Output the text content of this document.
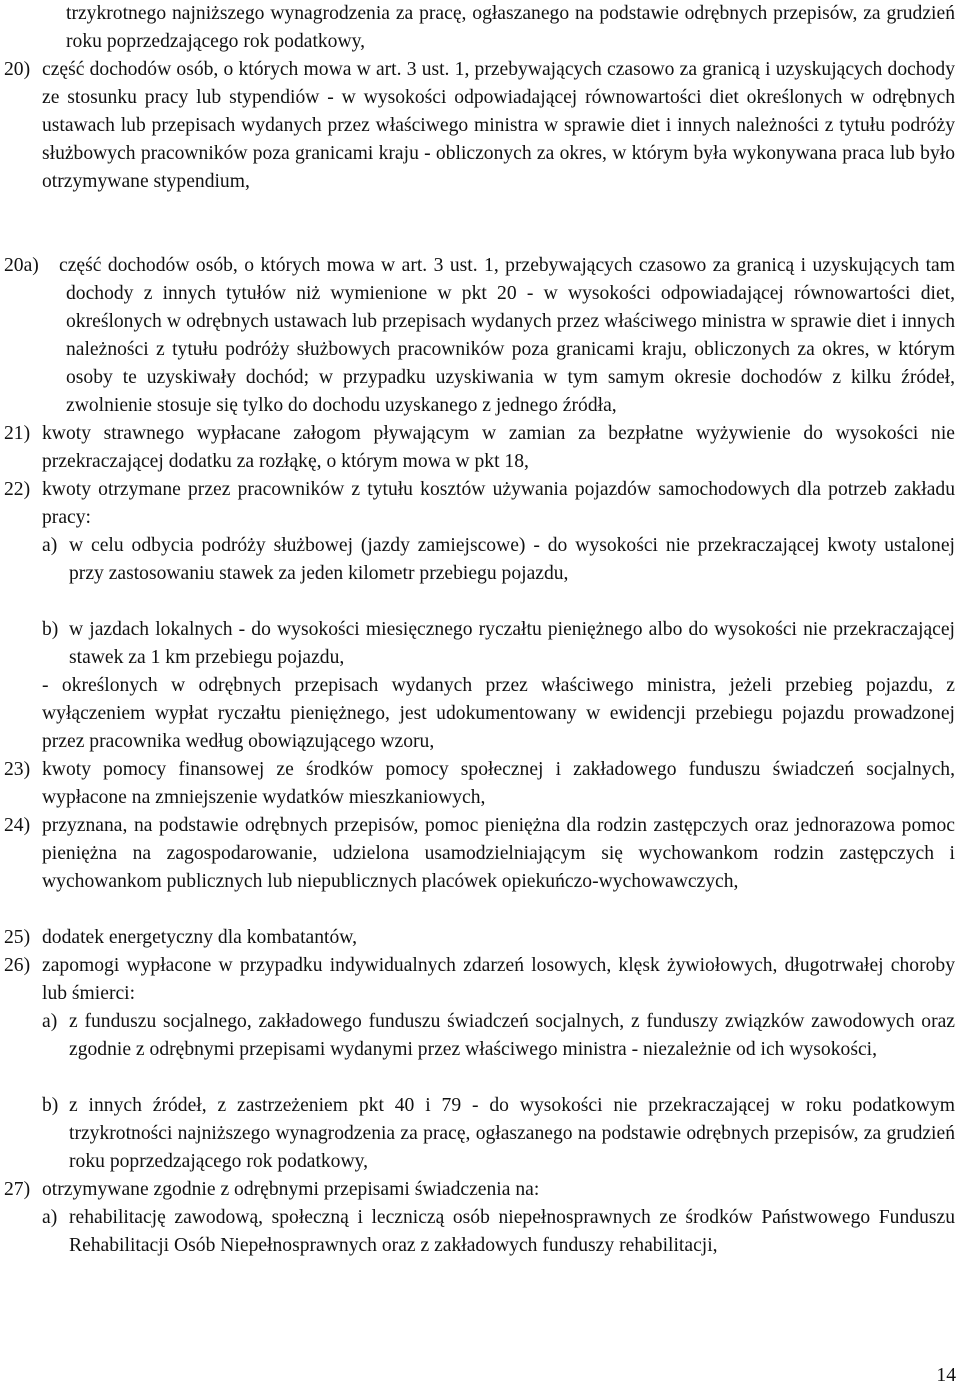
trzykrotnego najniższego wynagrodzenia za pracę, ogłaszanego na podstawie odrębnych przepisów, za grudzień roku poprzedzającego rok podatkowy,
20) część dochodów osób, o których mowa w art. 3 ust. 1, przebywających czasowo za granicą i uzyskujących dochody ze stosunku pracy lub stypendiów - w wysokości odpowiadającej równowartości diet określonych w odrębnych ustawach lub przepisach wydanych przez właściwego ministra w sprawie diet i innych należności z tytułu podróży służbowych pracowników poza granicami kraju - obliczonych za okres, w którym była wykonywana praca lub było otrzymywane stypendium,
20a) część dochodów osób, o których mowa w art. 3 ust. 1, przebywających czasowo za granicą i uzyskujących tam dochody z innych tytułów niż wymienione w pkt 20 - w wysokości odpowiadającej równowartości diet, określonych w odrębnych ustawach lub przepisach wydanych przez właściwego ministra w sprawie diet i innych należności z tytułu podróży służbowych pracowników poza granicami kraju, obliczonych za okres, w którym osoby te uzyskiwały dochód; w przypadku uzyskiwania w tym samym okresie dochodów z kilku źródeł, zwolnienie stosuje się tylko do dochodu uzyskanego z jednego źródła,
21) kwoty strawnego wypłacane załogom pływającym w zamian za bezpłatne wyżywienie do wysokości nie przekraczającej dodatku za rozłąkę, o którym mowa w pkt 18,
22) kwoty otrzymane przez pracowników z tytułu kosztów używania pojazdów samochodowych dla potrzeb zakładu pracy:
a) w celu odbycia podróży służbowej (jazdy zamiejscowe) - do wysokości nie przekraczającej kwoty ustalonej przy zastosowaniu stawek za jeden kilometr przebiegu pojazdu,
b) w jazdach lokalnych - do wysokości miesięcznego ryczałtu pieniężnego albo do wysokości nie przekraczającej stawek za 1 km przebiegu pojazdu,
- określonych w odrębnych przepisach wydanych przez właściwego ministra, jeżeli przebieg pojazdu, z wyłączeniem wypłat ryczałtu pieniężnego, jest udokumentowany w ewidencji przebiegu pojazdu prowadzonej przez pracownika według obowiązującego wzoru,
23) kwoty pomocy finansowej ze środków pomocy społecznej i zakładowego funduszu świadczeń socjalnych, wypłacone na zmniejszenie wydatków mieszkaniowych,
24) przyznana, na podstawie odrębnych przepisów, pomoc pieniężna dla rodzin zastępczych oraz jednorazowa pomoc pieniężna na zagospodarowanie, udzielona usamodzielniającym się wychowankom rodzin zastępczych i wychowankom publicznych lub niepublicznych placówek opiekuńczo-wychowawczych,
25) dodatek energetyczny dla kombatantów,
26) zapomogi wypłacone w przypadku indywidualnych zdarzeń losowych, klęsk żywiołowych, długotrwałej choroby lub śmierci:
a) z funduszu socjalnego, zakładowego funduszu świadczeń socjalnych, z funduszy związków zawodowych oraz zgodnie z odrębnymi przepisami wydanymi przez właściwego ministra - niezależnie od ich wysokości,
b) z innych źródeł, z zastrzeżeniem pkt 40 i 79 - do wysokości nie przekraczającej w roku podatkowym trzykrotności najniższego wynagrodzenia za pracę, ogłaszanego na podstawie odrębnych przepisów, za grudzień roku poprzedzającego rok podatkowy,
27) otrzymywane zgodnie z odrębnymi przepisami świadczenia na:
a) rehabilitację zawodową, społeczną i leczniczą osób niepełnosprawnych ze środków Państwowego Funduszu Rehabilitacji Osób Niepełnosprawnych oraz z zakładowych funduszy rehabilitacji,
14
